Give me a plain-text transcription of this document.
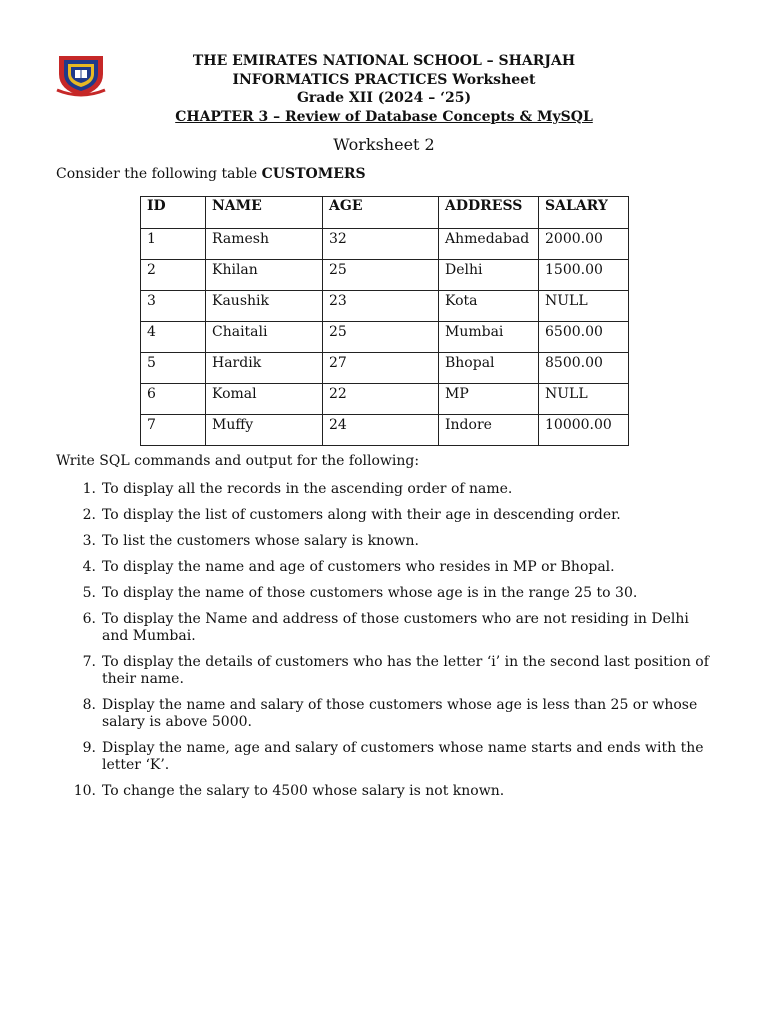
THE EMIRATES NATIONAL SCHOOL – SHARJAH
INFORMATICS PRACTICES Worksheet
Grade XII (2024 – ‘25)
CHAPTER 3 – Review of Database Concepts & MySQL
Worksheet 2
Consider the following table CUSTOMERS
ID	NAME	AGE	ADDRESS	SALARY
1	Ramesh	32	Ahmedabad	2000.00
2	Khilan	25	Delhi	1500.00
3	Kaushik	23	Kota	NULL
4	Chaitali	25	Mumbai	6500.00
5	Hardik	27	Bhopal	8500.00
6	Komal	22	MP	NULL
7	Muffy	24	Indore	10000.00
Write SQL commands and output for the following:
1. To display all the records in the ascending order of name.
2. To display the list of customers along with their age in descending order.
3. To list the customers whose salary is known.
4. To display the name and age of customers who resides in MP or Bhopal.
5. To display the name of those customers whose age is in the range 25 to 30.
6. To display the Name and address of those customers who are not residing in Delhi and Mumbai.
7. To display the details of customers who has the letter ‘i’ in the second last position of their name.
8. Display the name and salary of those customers whose age is less than 25 or whose salary is above 5000.
9. Display the name, age and salary of customers whose name starts and ends with the letter ‘K’.
10. To change the salary to 4500 whose salary is not known.
